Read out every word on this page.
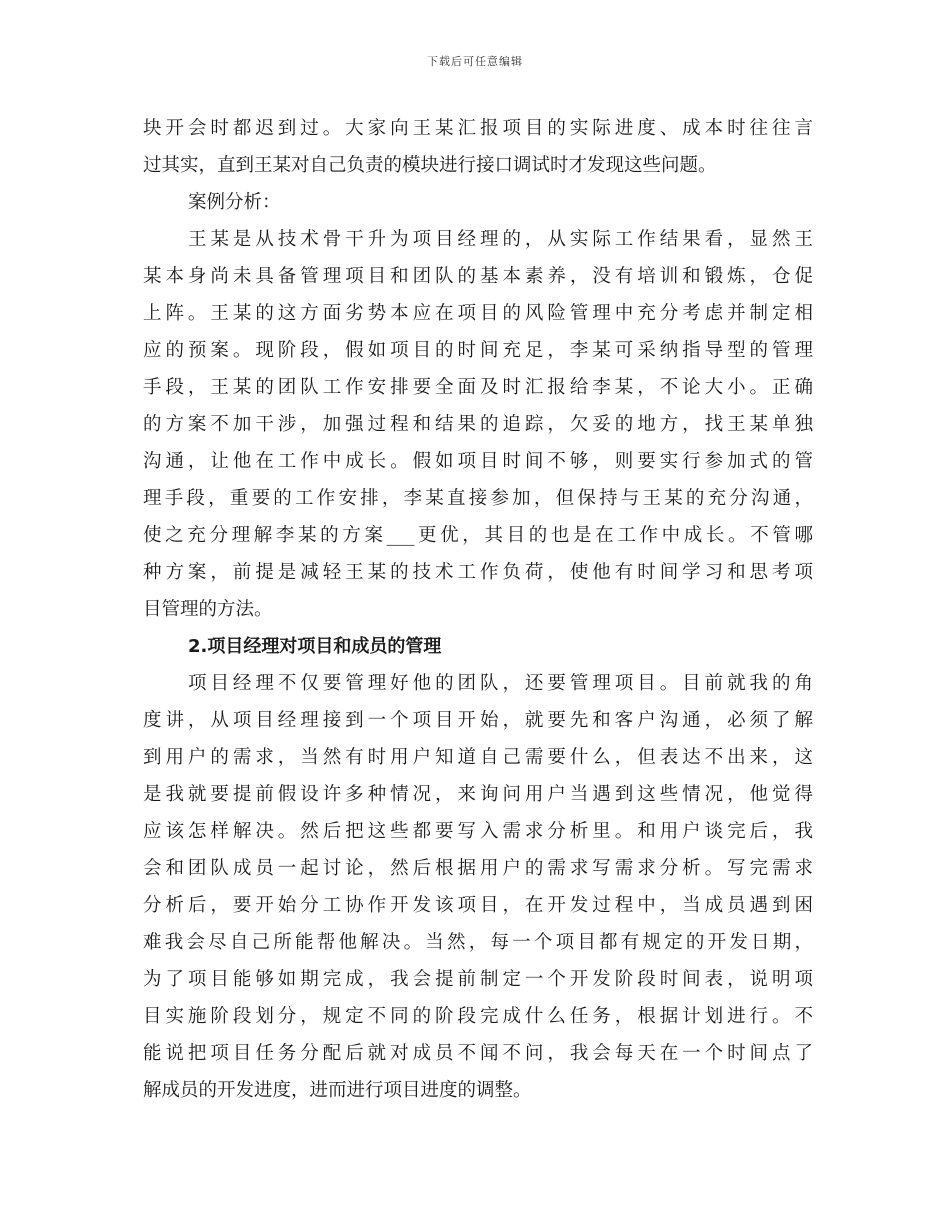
下载后可任意编辑
块开会时都迟到过。大家向王某汇报项目的实际进度、成本时往往言
过其实，直到王某对自己负责的模块进行接口调试时才发现这些问题。
案例分析：
王某是从技术骨干升为项目经理的，从实际工作结果看，显然王
某本身尚未具备管理项目和团队的基本素养，没有培训和锻炼，仓促
上阵。王某的这方面劣势本应在项目的风险管理中充分考虑并制定相
应的预案。现阶段，假如项目的时间充足，李某可采纳指导型的管理
手段，王某的团队工作安排要全面及时汇报给李某，不论大小。正确
的方案不加干涉，加强过程和结果的追踪，欠妥的地方，找王某单独
沟通，让他在工作中成长。假如项目时间不够，则要实行参加式的管
理手段，重要的工作安排，李某直接参加，但保持与王某的充分沟通，
使之充分理解李某的方案___更优，其目的也是在工作中成长。不管哪
种方案，前提是减轻王某的技术工作负荷，使他有时间学习和思考项
目管理的方法。
2.项目经理对项目和成员的管理
项目经理不仅要管理好他的团队，还要管理项目。目前就我的角
度讲，从项目经理接到一个项目开始，就要先和客户沟通，必须了解
到用户的需求，当然有时用户知道自己需要什么，但表达不出来，这
是我就要提前假设许多种情况，来询问用户当遇到这些情况，他觉得
应该怎样解决。然后把这些都要写入需求分析里。和用户谈完后，我
会和团队成员一起讨论，然后根据用户的需求写需求分析。写完需求
分析后，要开始分工协作开发该项目，在开发过程中，当成员遇到困
难我会尽自己所能帮他解决。当然，每一个项目都有规定的开发日期，
为了项目能够如期完成，我会提前制定一个开发阶段时间表，说明项
目实施阶段划分，规定不同的阶段完成什么任务，根据计划进行。不
能说把项目任务分配后就对成员不闻不问，我会每天在一个时间点了
解成员的开发进度，进而进行项目进度的调整。
